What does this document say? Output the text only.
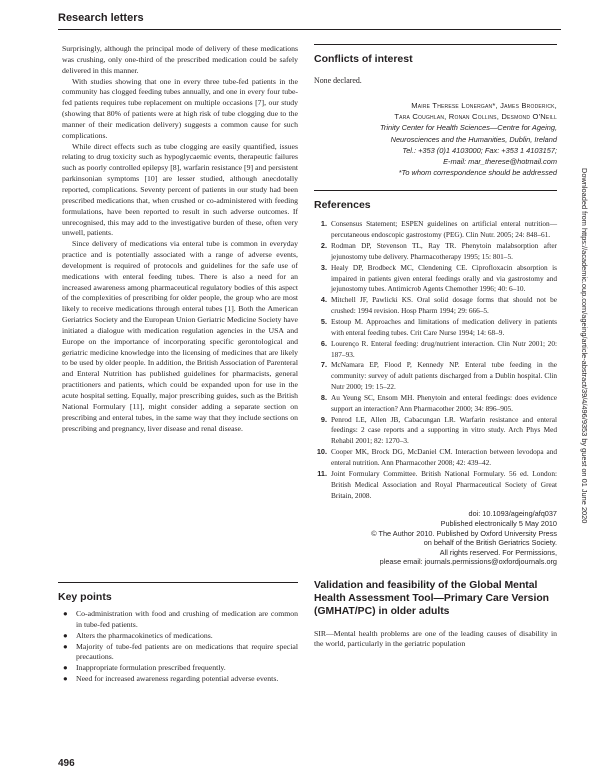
Research letters

Surprisingly, although the principal mode of delivery of these medications was crushing, only one-third of the prescribed medication could be safely delivered in this manner.

With studies showing that one in every three tube-fed patients in the community has clogged feeding tubes annually, and one in every four tube-fed patients requires tube replacement on multiple occasions [7], our study (showing that 80% of patients were at high risk of tube clogging due to the manner of their medication delivery) suggests a common cause for such complications.

While direct effects such as tube clogging are easily quantified, issues relating to drug toxicity such as hypoglycaemic events, therapeutic failures such as poorly controlled epilepsy [8], warfarin resistance [9] and persistent parkinsonian symptoms [10] are lesser studied, although anecdotally reported, complications. Seventy percent of patients in our study had been prescribed medications that, when crushed or co-administered with feeding formulations, have been reported to result in such adverse outcomes. If unrecognised, this may add to the investigative burden of these, often very unwell, patients.

Since delivery of medications via enteral tube is common in everyday practice and is potentially associated with a range of adverse events, development is required of protocols and guidelines for the safe use of medications with enteral feeding tubes. There is also a need for an increased awareness among pharmaceutical regulatory bodies of this aspect of the complexities of prescribing for older people, the group who are most likely to receive medications through enteral tubes [1]. Both the American Geriatrics Society and the European Union Geriatric Medicine Society have initiated a dialogue with medication regulation agencies in the USA and Europe on the importance of incorporating specific gerontological and geriatric medicine knowledge into the licensing of medicines that are likely to be used by older people. In addition, the British Association of Parenteral and Enteral Nutrition has published guidelines for pharmacists, general practitioners and patients, which could be expanded upon for use in the acute hospital setting. Equally, major prescribing guides, such as the British National Formulary [11], might consider adding a separate section on prescribing and enteral tubes, in the same way that they include sections on prescribing and pregnancy, liver disease and renal disease.

Key points
● Co-administration with food and crushing of medication are common in tube-fed patients.
● Alters the pharmacokinetics of medications.
● Majority of tube-fed patients are on medications that require special precautions.
● Inappropriate formulation prescribed frequently.
● Need for increased awareness regarding potential adverse events.
Conflicts of interest
None declared.
Maire Therese Lonergan*, James Broderick,
Tara Coughlan, Ronan Collins, Desmond O'Neill
Trinity Center for Health Sciences—Centre for Ageing,
Neurosciences and the Humanities, Dublin, Ireland
Tel.: +353 (0)1 4103000; Fax: +353 1 4103157;
E-mail: mar_therese@hotmail.com
*To whom correspondence should be addressed
References
1. Consensus Statement; ESPEN guidelines on artificial enteral nutrition—percutaneous endoscopic gastrostomy (PEG). Clin Nutr. 2005; 24: 848–61.
2. Rodman DP, Stevenson TL, Ray TR. Phenytoin malabsorption after jejunostomy tube delivery. Pharmacotherapy 1995; 15: 801–5.
3. Healy DP, Brodbeck MC, Clendening CE. Ciprofloxacin absorption is impaired in patients given enteral feedings orally and via gastrostomy and jejunostomy tubes. Antimicrob Agents Chemother 1996; 40: 6–10.
4. Mitchell JF, Pawlicki KS. Oral solid dosage forms that should not be crushed: 1994 revision. Hosp Pharm 1994; 29: 666–5.
5. Estoup M. Approaches and limitations of medication delivery in patients with enteral feeding tubes. Crit Care Nurse 1994; 14: 68–9.
6. Lourenço R. Enteral feeding: drug/nutrient interaction. Clin Nutr 2001; 20: 187–93.
7. McNamara EP, Flood P, Kennedy NP. Enteral tube feeding in the community: survey of adult patients discharged from a Dublin hospital. Clin Nutr 2000; 19: 15–22.
8. Au Yeung SC, Ensom MH. Phenytoin and enteral feedings: does evidence support an interaction? Ann Pharmacother 2000; 34: 896–905.
9. Penrod LE, Allen JB, Cabacungan LR. Warfarin resistance and enteral feedings: 2 case reports and a supporting in vitro study. Arch Phys Med Rehabil 2001; 82: 1270–3.
10. Cooper MK, Brock DG, McDaniel CM. Interaction between levodopa and enteral nutrition. Ann Pharmacother 2008; 42: 439–42.
11. Joint Formulary Committee. British National Formulary. 56 ed. London: British Medical Association and Royal Pharmaceutical Society of Great Britain, 2008.
doi: 10.1093/ageing/afq037
Published electronically 5 May 2010
© The Author 2010. Published by Oxford University Press
on behalf of the British Geriatrics Society.
All rights reserved. For Permissions,
please email: journals.permissions@oxfordjournals.org
Validation and feasibility of the Global Mental Health Assessment Tool—Primary Care Version (GMHAT/PC) in older adults
SIR—Mental health problems are one of the leading causes of disability in the world, particularly in the geriatric population
496
Downloaded from https://academic.oup.com/ageing/article-abstract/39/4/496/9353 by guest on 01 June 2020
